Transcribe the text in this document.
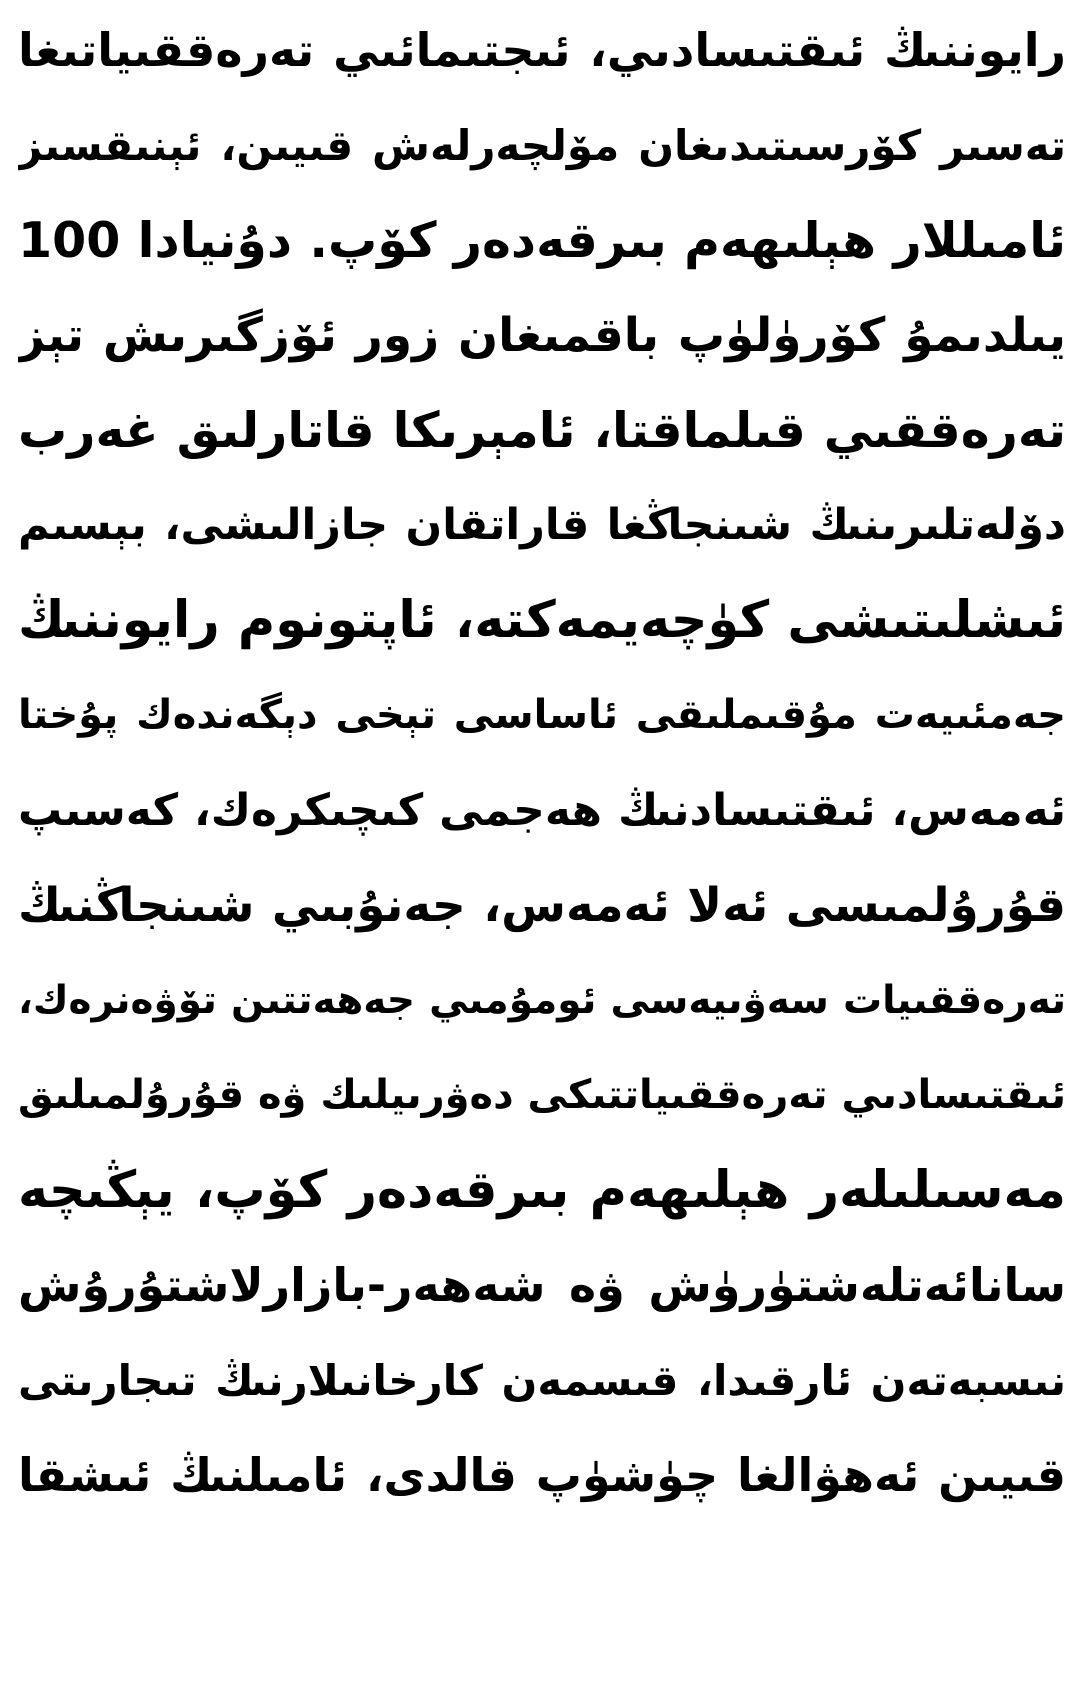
رايوننىڭ ئىقتىسادىي، ئىجتىمائىي تەرەققىياتىغا
تەسىر كۆرسىتىدىغان مۆلچەرلەش قىيىن، ئېنىقسىز
ئامىللار ھېلىھەم بىرقەدەر كۆپ. دۇنيادا 100
يىلدىمۇ كۆرۈلۈپ باقمىغان زور ئۆزگىرىش تېز
تەرەققىي قىلماقتا، ئامېرىكا قاتارلىق غەرب
دۆلەتلىرىنىڭ شىنجاڭغا قاراتقان جازالىشى، بېسىم
ئىشلىتىشى كۈچەيمەكتە، ئاپتونوم رايوننىڭ
جەمئىيەت مۇقىملىقى ئاساسى تېخى دېگەندەك پۇختا
ئەمەس، ئىقتىسادنىڭ ھەجمى كىچىكرەك، كەسىپ
قۇرۇلمىسى ئەلا ئەمەس، جەنۇبىي شىنجاڭنىڭ
تەرەققىيات سەۋىيەسى ئومۇمىي جەھەتتىن تۆۋەنرەك،
ئىقتىسادىي تەرەققىياتتىكى دەۋرىيلىك ۋە قۇرۇلمىلىق
مەسىلىلەر ھېلىھەم بىرقەدەر كۆپ، يېڭىچە
سانائەتلەشتۈرۈش ۋە شەھەر-بازارلاشتۇرۇش
نىسبەتەن ئارقىدا، قىسمەن كارخانىلارنىڭ تىجارىتى
قىيىن ئەھۋالغا چۈشۈپ قالدى، ئامىلنىڭ ئىشقا
